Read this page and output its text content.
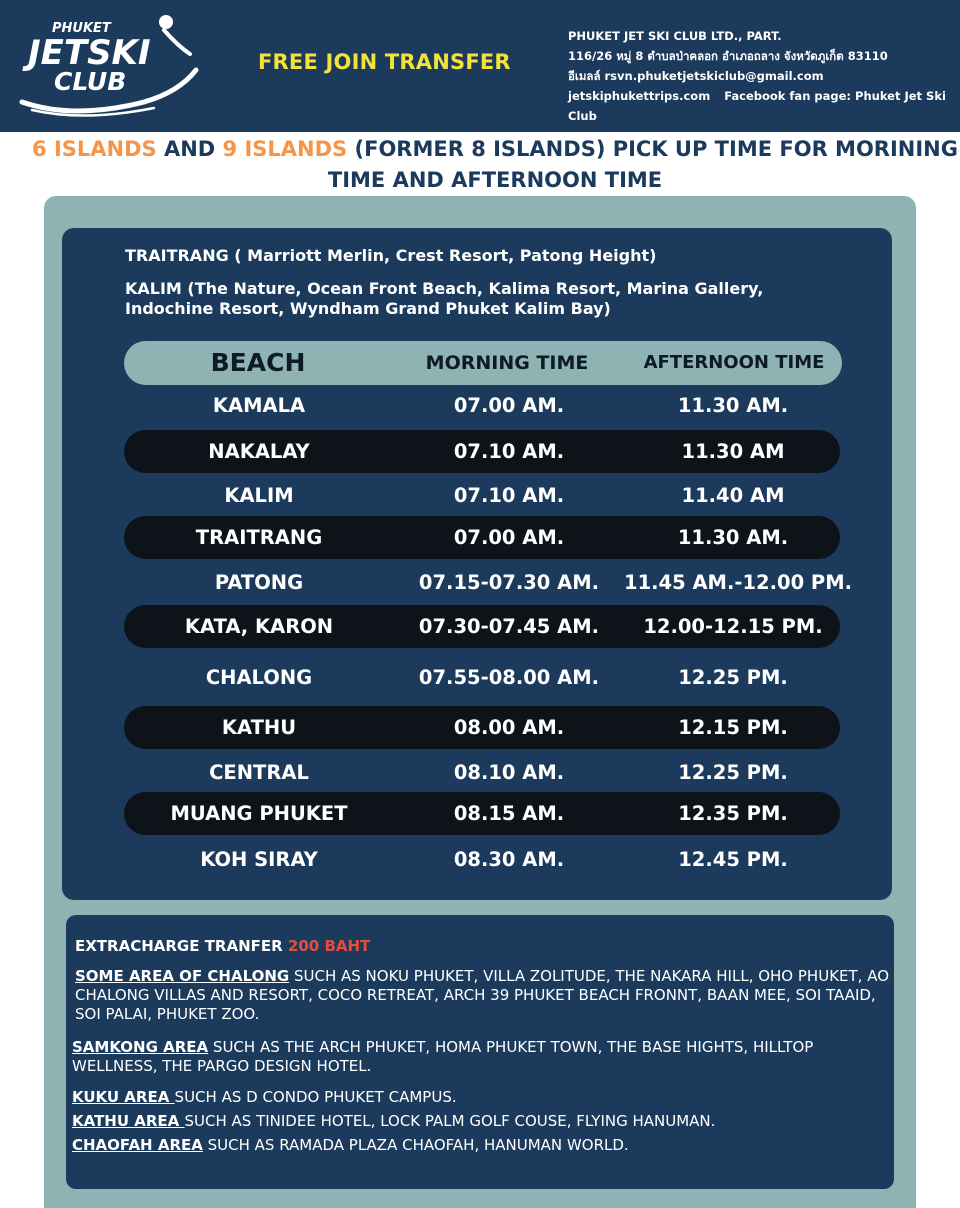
PHUKET
JETSKI
CLUB
FREE JOIN TRANSFER
PHUKET JET SKI CLUB LTD., PART.
116/26 หมู่ 8 ตำบลป่าคลอก อำเภอถลาง จังหวัดภูเก็ต 83110
อีเมลล์ rsvn.phuketjetskiclub@gmail.com
jetskiphukettrips.com Facebook fan page: Phuket Jet Ski Club
6 ISLANDS AND 9 ISLANDS (FORMER 8 ISLANDS) PICK UP TIME FOR MORINING
TIME AND AFTERNOON TIME
TRAITRANG ( Marriott Merlin, Crest Resort, Patong Height)
KALIM (The Nature, Ocean Front Beach, Kalima Resort, Marina Gallery, Indochine Resort, Wyndham Grand Phuket Kalim Bay)
BEACH	MORNING TIME	AFTERNOON TIME
KAMALA	07.00 AM.	11.30 AM.
NAKALAY	07.10 AM.	11.30 AM
KALIM	07.10 AM.	11.40 AM
TRAITRANG	07.00 AM.	11.30 AM.
PATONG	07.15-07.30 AM.	11.45 AM.-12.00 PM.
KATA, KARON	07.30-07.45 AM.	12.00-12.15 PM.
CHALONG	07.55-08.00 AM.	12.25 PM.
KATHU	08.00 AM.	12.15 PM.
CENTRAL	08.10 AM.	12.25 PM.
MUANG PHUKET	08.15 AM.	12.35 PM.
KOH SIRAY	08.30 AM.	12.45 PM.
EXTRACHARGE TRANFER 200 BAHT
SOME AREA OF CHALONG SUCH AS NOKU PHUKET, VILLA ZOLITUDE, THE NAKARA HILL, OHO PHUKET, AO CHALONG VILLAS AND RESORT, COCO RETREAT, ARCH 39 PHUKET BEACH FRONNT, BAAN MEE, SOI TAAID, SOI PALAI, PHUKET ZOO.
SAMKONG AREA SUCH AS THE ARCH PHUKET, HOMA PHUKET TOWN, THE BASE HIGHTS, HILLTOP WELLNESS, THE PARGO DESIGN HOTEL.
KUKU AREA SUCH AS D CONDO PHUKET CAMPUS.
KATHU AREA SUCH AS TINIDEE HOTEL, LOCK PALM GOLF COUSE, FLYING HANUMAN.
CHAOFAH AREA SUCH AS RAMADA PLAZA CHAOFAH, HANUMAN WORLD.
